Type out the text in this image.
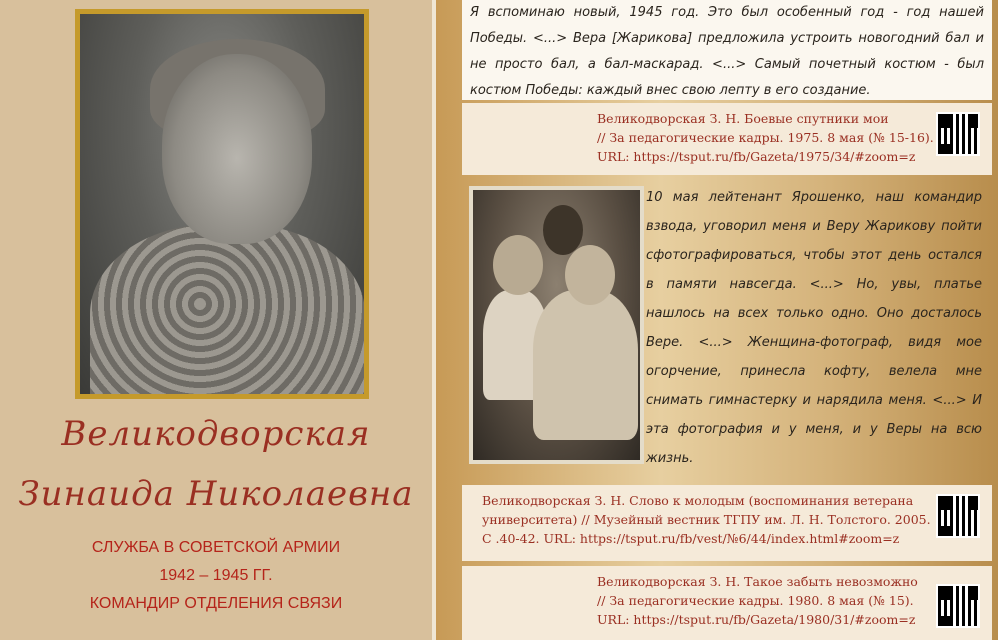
Великодворская
Зинаида Николаевна
СЛУЖБА В СОВЕТСКОЙ АРМИИ
1942 – 1945 ГГ.
КОМАНДИР ОТДЕЛЕНИЯ СВЯЗИ

Я вспоминаю новый, 1945 год. Это был особенный год - год нашей Победы. <...> Вера [Жарикова] предложила устроить новогодний бал и не просто бал, а бал-маскарад. <...> Самый почетный костюм - был костюм Победы: каждый внес свою лепту в его создание.

Великодворская З. Н. Боевые спутники мои
// За педагогические кадры. 1975. 8 мая (№ 15-16).
URL: https://tsput.ru/fb/Gazeta/1975/34/#zoom=z

10 мая лейтенант Ярошенко, наш командир взвода, уговорил меня и Веру Жарикову пойти сфотографироваться, чтобы этот день остался в памяти навсегда. <...> Но, увы, платье нашлось на всех только одно. Оно досталось Вере. <...> Женщина-фотограф, видя мое огорчение, принесла кофту, велела мне снимать гимнастерку и нарядила меня. <...> И эта фотография и у меня, и у Веры на всю жизнь.

Великодворская З. Н. Слово к молодым (воспоминания ветерана
университета) // Музейный вестник ТГПУ им. Л. Н. Толстого. 2005.
С .40-42. URL: https://tsput.ru/fb/vest/№6/44/index.html#zoom=z
Великодворская З. Н. Такое забыть невозможно
// За педагогические кадры. 1980. 8 мая (№ 15).
URL: https://tsput.ru/fb/Gazeta/1980/31/#zoom=z
